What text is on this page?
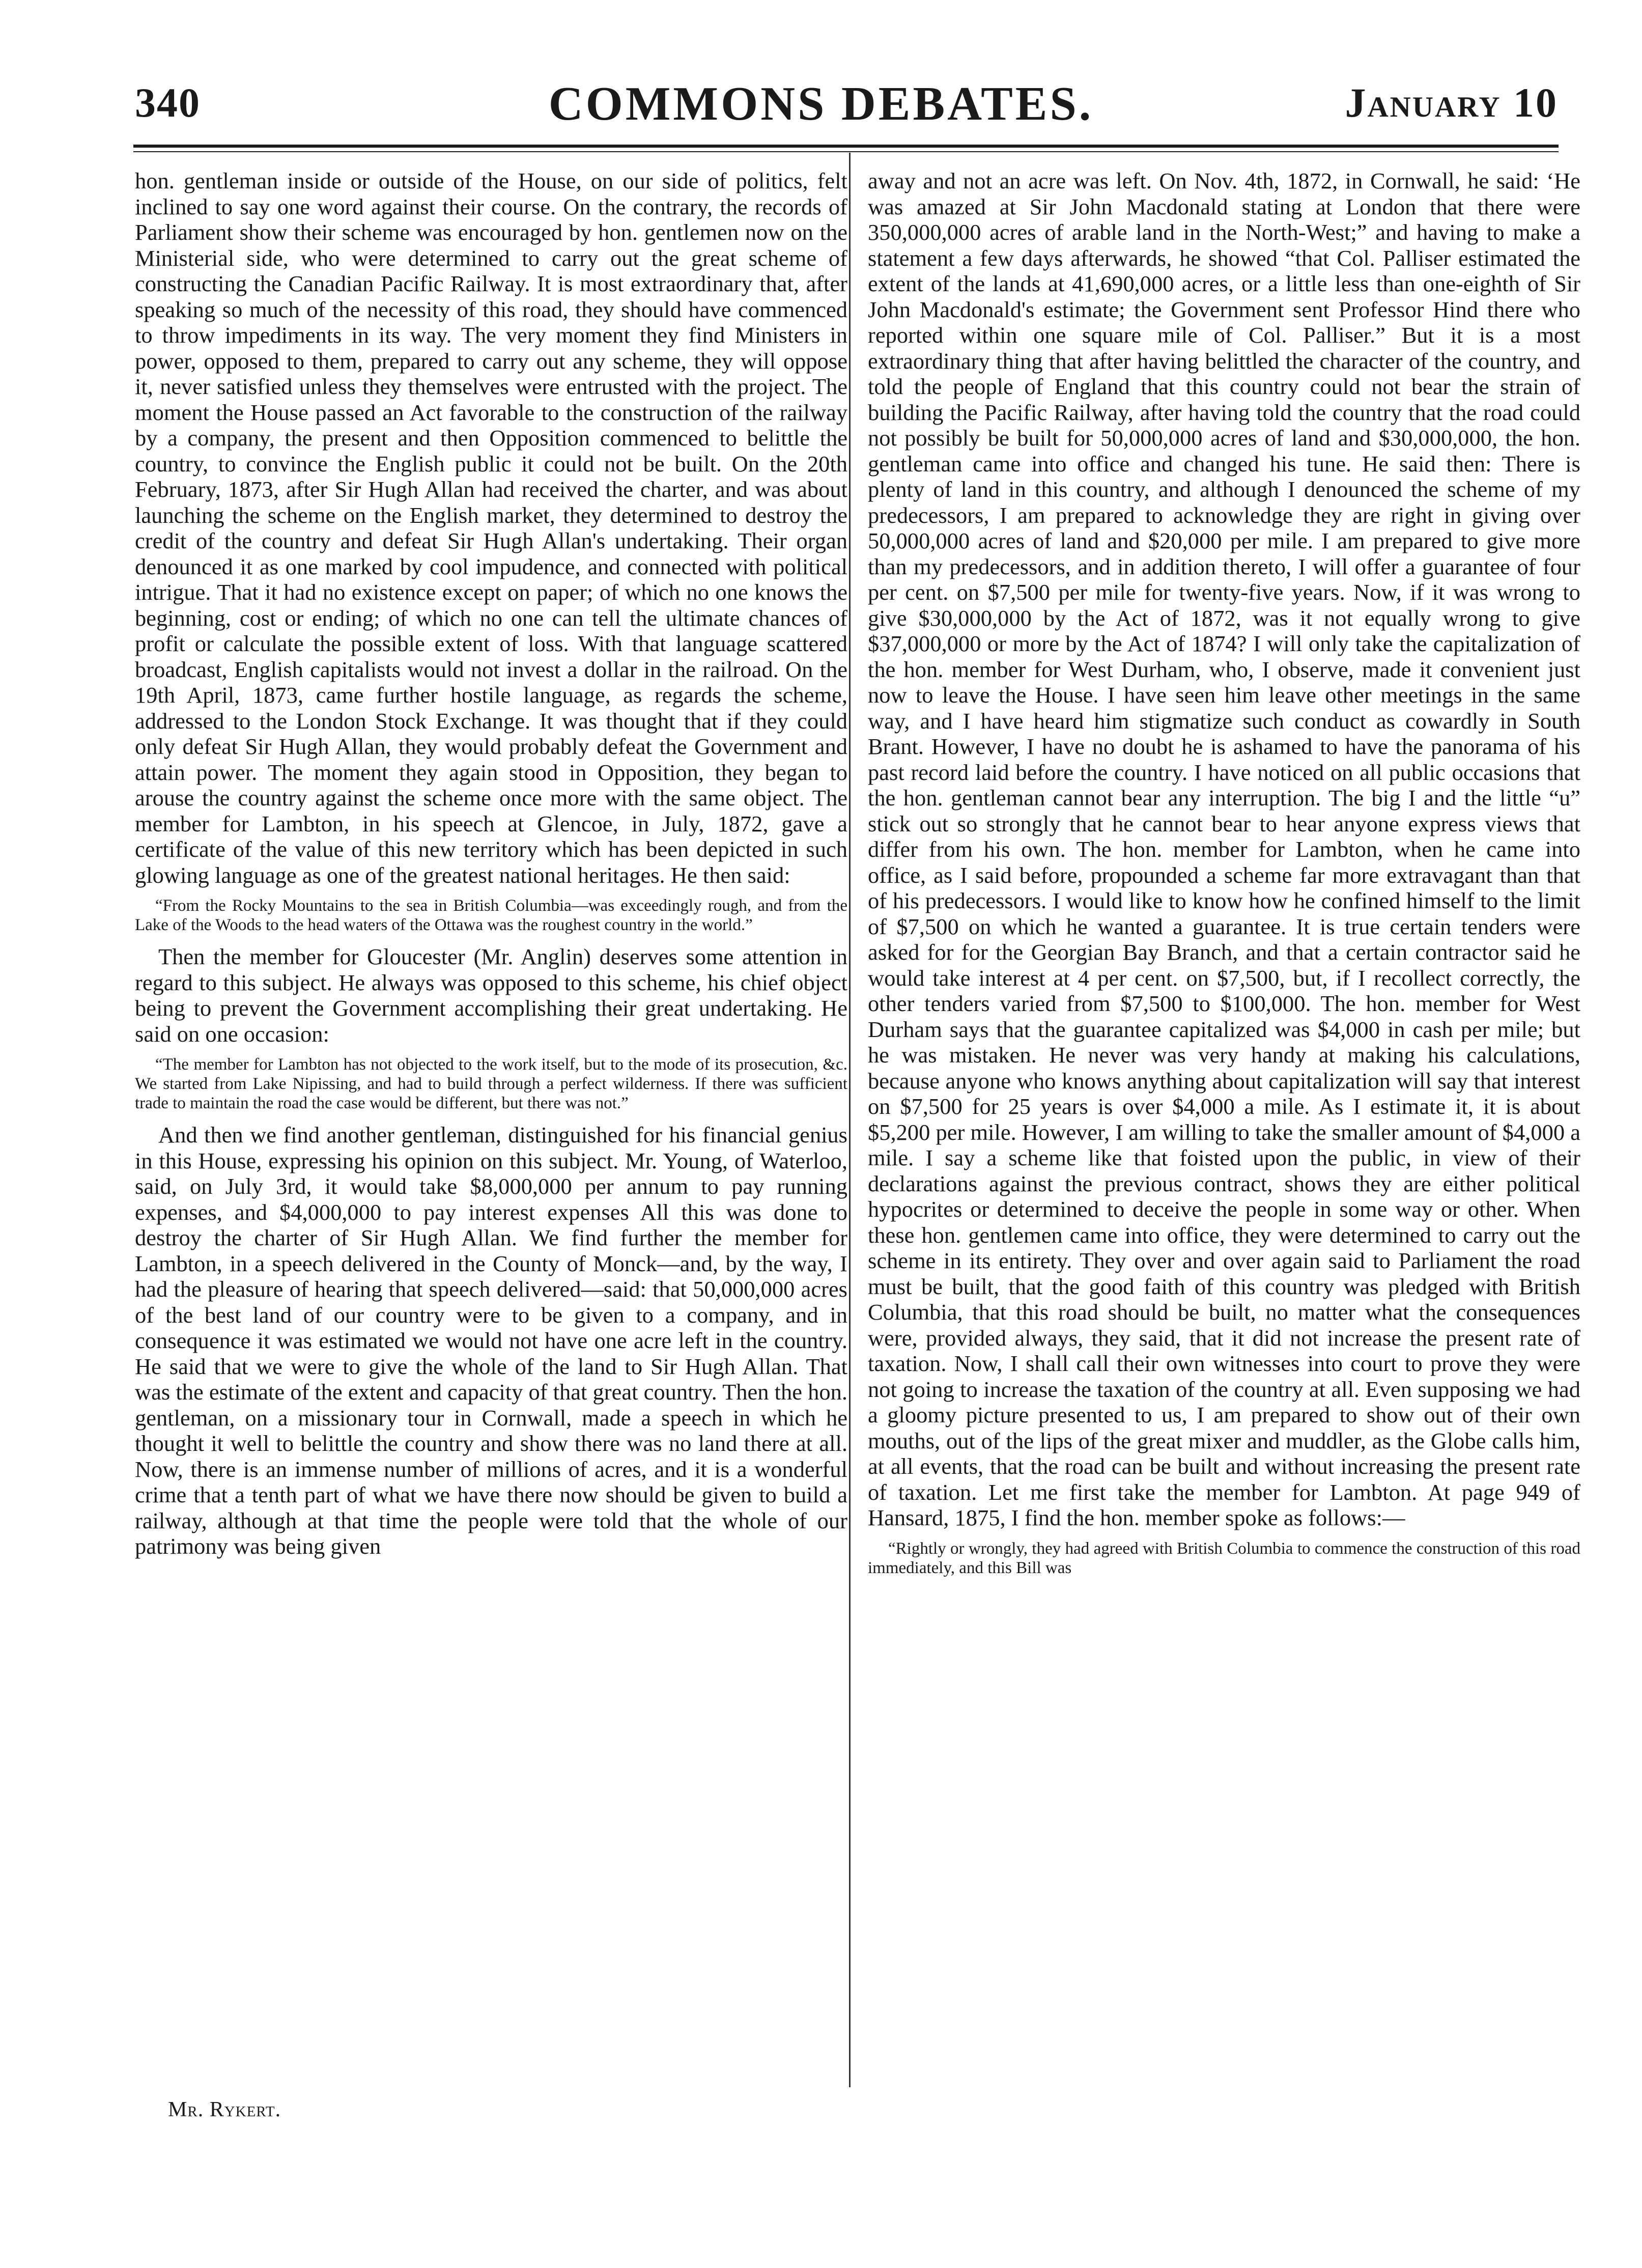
340	COMMONS DEBATES.	January 10

hon. gentleman inside or outside of the House, on our side of politics, felt inclined to say one word against their course. On the contrary, the records of Parliament show their scheme was encouraged by hon. gentlemen now on the Ministerial side, who were determined to carry out the great scheme of constructing the Canadian Pacific Railway. It is most extraordinary that, after speaking so much of the necessity of this road, they should have commenced to throw impediments in its way. The very moment they find Ministers in power, opposed to them, prepared to carry out any scheme, they will oppose it, never satisfied unless they themselves were entrusted with the project. The moment the House passed an Act favorable to the construction of the railway by a company, the present and then Opposition commenced to belittle the country, to convince the English public it could not be built. On the 20th February, 1873, after Sir Hugh Allan had received the charter, and was about launching the scheme on the English market, they determined to destroy the credit of the country and defeat Sir Hugh Allan's undertaking. Their organ denounced it as one marked by cool impudence, and connected with political intrigue. That it had no existence except on paper; of which no one knows the beginning, cost or ending; of which no one can tell the ultimate chances of profit or calculate the possible extent of loss. With that language scattered broadcast, English capitalists would not invest a dollar in the railroad. On the 19th April, 1873, came further hostile language, as regards the scheme, addressed to the London Stock Exchange. It was thought that if they could only defeat Sir Hugh Allan, they would probably defeat the Government and attain power. The moment they again stood in Opposition, they began to arouse the country against the scheme once more with the same object. The member for Lambton, in his speech at Glencoe, in July, 1872, gave a certificate of the value of this new territory which has been depicted in such glowing language as one of the greatest national heritages. He then said:

“From the Rocky Mountains to the sea in British Columbia—was exceedingly rough, and from the Lake of the Woods to the head waters of the Ottawa was the roughest country in the world.”

Then the member for Gloucester (Mr. Anglin) deserves some attention in regard to this subject. He always was opposed to this scheme, his chief object being to prevent the Government accomplishing their great undertaking. He said on one occasion:

“The member for Lambton has not objected to the work itself, but to the mode of its prosecution, &c. We started from Lake Nipissing, and had to build through a perfect wilderness. If there was sufficient trade to maintain the road the case would be different, but there was not.”

And then we find another gentleman, distinguished for his financial genius in this House, expressing his opinion on this subject. Mr. Young, of Waterloo, said, on July 3rd, it would take $8,000,000 per annum to pay running expenses, and $4,000,000 to pay interest expenses All this was done to destroy the charter of Sir Hugh Allan. We find further the member for Lambton, in a speech delivered in the County of Monck—and, by the way, I had the pleasure of hearing that speech delivered—said: that 50,000,000 acres of the best land of our country were to be given to a company, and in consequence it was estimated we would not have one acre left in the country. He said that we were to give the whole of the land to Sir Hugh Allan. That was the estimate of the extent and capacity of that great country. Then the hon. gentleman, on a missionary tour in Cornwall, made a speech in which he thought it well to belittle the country and show there was no land there at all. Now, there is an immense number of millions of acres, and it is a wonderful crime that a tenth part of what we have there now should be given to build a railway, although at that time the people were told that the whole of our patrimony was being given

away and not an acre was left. On Nov. 4th, 1872, in Cornwall, he said: ‘He was amazed at Sir John Macdonald stating at London that there were 350,000,000 acres of arable land in the North-West;” and having to make a statement a few days afterwards, he showed “that Col. Palliser estimated the extent of the lands at 41,690,000 acres, or a little less than one-eighth of Sir John Macdonald's estimate; the Government sent Professor Hind there who reported within one square mile of Col. Palliser.” But it is a most extraordinary thing that after having belittled the character of the country, and told the people of England that this country could not bear the strain of building the Pacific Railway, after having told the country that the road could not possibly be built for 50,000,000 acres of land and $30,000,000, the hon. gentleman came into office and changed his tune. He said then: There is plenty of land in this country, and although I denounced the scheme of my predecessors, I am prepared to acknowledge they are right in giving over 50,000,000 acres of land and $20,000 per mile. I am prepared to give more than my predecessors, and in addition thereto, I will offer a guarantee of four per cent. on $7,500 per mile for twenty-five years. Now, if it was wrong to give $30,000,000 by the Act of 1872, was it not equally wrong to give $37,000,000 or more by the Act of 1874? I will only take the capitalization of the hon. member for West Durham, who, I observe, made it convenient just now to leave the House. I have seen him leave other meetings in the same way, and I have heard him stigmatize such conduct as cowardly in South Brant. However, I have no doubt he is ashamed to have the panorama of his past record laid before the country. I have noticed on all public occasions that the hon. gentleman cannot bear any interruption. The big I and the little “u” stick out so strongly that he cannot bear to hear anyone express views that differ from his own. The hon. member for Lambton, when he came into office, as I said before, propounded a scheme far more extravagant than that of his predecessors. I would like to know how he confined himself to the limit of $7,500 on which he wanted a guarantee. It is true certain tenders were asked for for the Georgian Bay Branch, and that a certain contractor said he would take interest at 4 per cent. on $7,500, but, if I recollect correctly, the other tenders varied from $7,500 to $100,000. The hon. member for West Durham says that the guarantee capitalized was $4,000 in cash per mile; but he was mistaken. He never was very handy at making his calculations, because anyone who knows anything about capitalization will say that interest on $7,500 for 25 years is over $4,000 a mile. As I estimate it, it is about $5,200 per mile. However, I am willing to take the smaller amount of $4,000 a mile. I say a scheme like that foisted upon the public, in view of their declarations against the previous contract, shows they are either political hypocrites or determined to deceive the people in some way or other. When these hon. gentlemen came into office, they were determined to carry out the scheme in its entirety. They over and over again said to Parliament the road must be built, that the good faith of this country was pledged with British Columbia, that this road should be built, no matter what the consequences were, provided always, they said, that it did not increase the present rate of taxation. Now, I shall call their own witnesses into court to prove they were not going to increase the taxation of the country at all. Even supposing we had a gloomy picture presented to us, I am prepared to show out of their own mouths, out of the lips of the great mixer and muddler, as the Globe calls him, at all events, that the road can be built and without increasing the present rate of taxation. Let me first take the member for Lambton. At page 949 of Hansard, 1875, I find the hon. member spoke as follows:—

“Rightly or wrongly, they had agreed with British Columbia to commence the construction of this road immediately, and this Bill was

Mr. Rykert.
